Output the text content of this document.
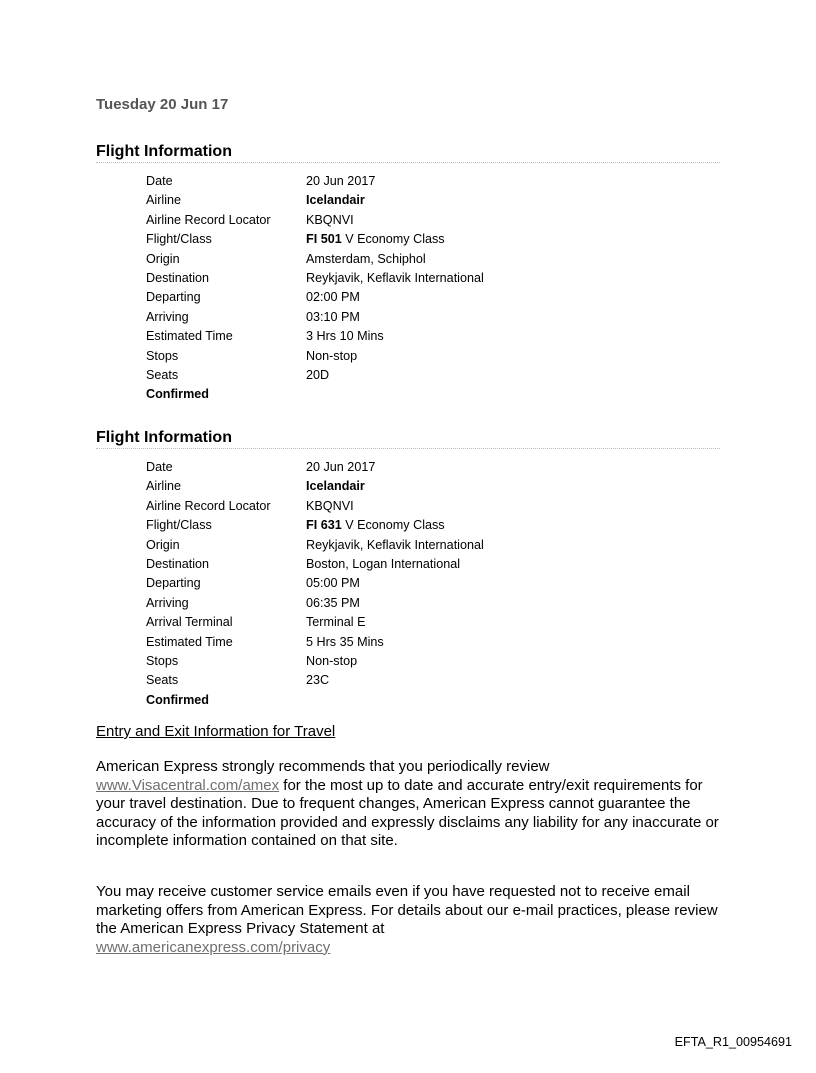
Tuesday 20 Jun 17

Flight Information
Date	20 Jun 2017
Airline	Icelandair
Airline Record Locator	KBQNVI
Flight/Class	FI 501 V Economy Class
Origin	Amsterdam, Schiphol
Destination	Reykjavik, Keflavik International
Departing	02:00 PM
Arriving	03:10 PM
Estimated Time	3 Hrs 10 Mins
Stops	Non-stop
Seats	20D
Confirmed
Flight Information
Date	20 Jun 2017
Airline	Icelandair
Airline Record Locator	KBQNVI
Flight/Class	FI 631 V Economy Class
Origin	Reykjavik, Keflavik International
Destination	Boston, Logan International
Departing	05:00 PM
Arriving	06:35 PM
Arrival Terminal	Terminal E
Estimated Time	5 Hrs 35 Mins
Stops	Non-stop
Seats	23C
Confirmed

Entry and Exit Information for Travel

American Express strongly recommends that you periodically review
www.Visacentral.com/amex for the most up to date and accurate entry/exit requirements for your travel destination. Due to frequent changes, American Express cannot guarantee the accuracy of the information provided and expressly disclaims any liability for any inaccurate or incomplete information contained on that site.

You may receive customer service emails even if you have requested not to receive email marketing offers from American Express. For details about our e-mail practices, please review the American Express Privacy Statement at
www.americanexpress.com/privacy

EFTA_R1_00954691
